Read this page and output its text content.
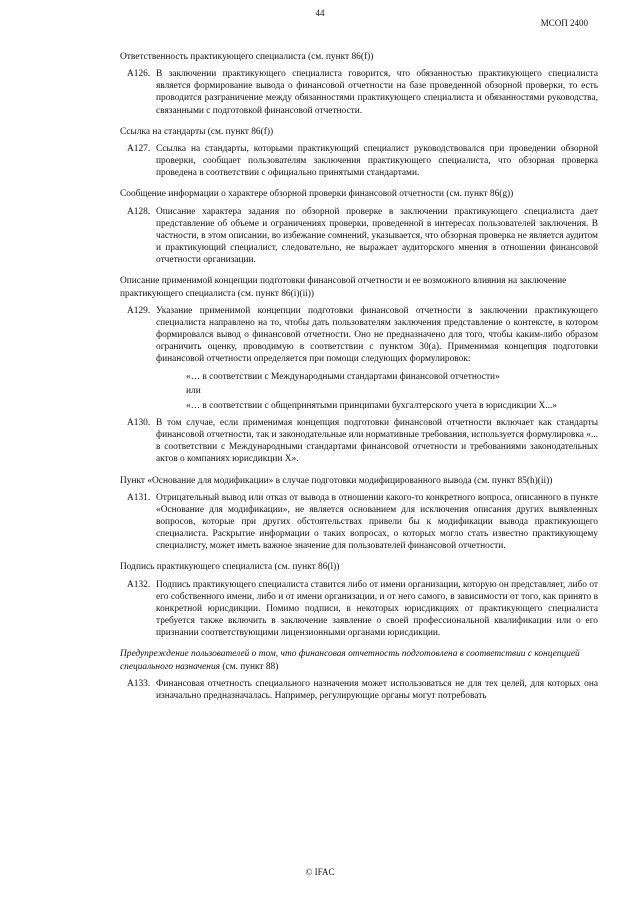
44
МСОП 2400
Ответственность практикующего специалиста (см. пункт 86(f))
A126. В заключении практикующего специалиста говорится, что обязанностью практикующего специалиста является формирование вывода о финансовой отчетности на базе проведенной обзорной проверки, то есть проводится разграничение между обязанностями практикующего специалиста и обязанностями руководства, связанными с подготовкой финансовой отчетности.
Ссылка на стандарты (см. пункт 86(f))
A127. Ссылка на стандарты, которыми практикующий специалист руководствовался при проведении обзорной проверки, сообщает пользователям заключения практикующего специалиста, что обзорная проверка проведена в соответствии с официально принятыми стандартами.
Сообщение информации о характере обзорной проверки финансовой отчетности (см. пункт 86(g))
A128. Описание характера задания по обзорной проверке в заключении практикующего специалиста дает представление об объеме и ограничениях проверки, проведенной в интересах пользователей заключения. В частности, в этом описании, во избежание сомнений, указывается, что обзорная проверка не является аудитом и практикующий специалист, следовательно, не выражает аудиторского мнения в отношении финансовой отчетности организации.
Описание применимой концепции подготовки финансовой отчетности и ее возможного влияния на заключение практикующего специалиста (см. пункт 86(i)(ii))
A129. Указание применимой концепции подготовки финансовой отчетности в заключении практикующего специалиста направлено на то, чтобы дать пользователям заключения представление о контексте, в котором формировался вывод о финансовой отчетности. Оно не предназначено для того, чтобы каким-либо образом ограничить оценку, проводимую в соответствии с пунктом 30(a). Применимая концепция подготовки финансовой отчетности определяется при помощи следующих формулировок:
«… в соответствии с Международными стандартами финансовой отчетности»
или
«… в соответствии с общепринятыми принципами бухгалтерского учета в юрисдикции X...»
A130. В том случае, если применимая концепция подготовки финансовой отчетности включает как стандарты финансовой отчетности, так и законодательные или нормативные требования, используется формулировка «... в соответствии с Международными стандартами финансовой отчетности и требованиями законодательных актов о компаниях юрисдикции X».
Пункт «Основание для модификации» в случае подготовки модифицированного вывода (см. пункт 85(h)(ii))
A131. Отрицательный вывод или отказ от вывода в отношении какого-то конкретного вопроса, описанного в пункте «Основание для модификации», не является основанием для исключения описания других выявленных вопросов, которые при других обстоятельствах привели бы к модификации вывода практикующего специалиста. Раскрытие информации о таких вопросах, о которых могло стать известно практикующему специалисту, может иметь важное значение для пользователей финансовой отчетности.
Подпись практикующего специалиста (см. пункт 86(l))
A132. Подпись практикующего специалиста ставится либо от имени организации, которую он представляет, либо от его собственного имени, либо и от имени организации, и от него самого, в зависимости от того, как принято в конкретной юрисдикции. Помимо подписи, в некоторых юрисдикциях от практикующего специалиста требуется также включить в заключение заявление о своей профессиональной квалификации или о его признании соответствующими лицензионными органами юрисдикции.
Предупреждение пользователей о том, что финансовая отчетность подготовлена в соответствии с концепцией специального назначения (см. пункт 88)
A133. Финансовая отчетность специального назначения может использоваться не для тех целей, для которых она изначально предназначалась. Например, регулирующие органы могут потребовать
© IFAC
